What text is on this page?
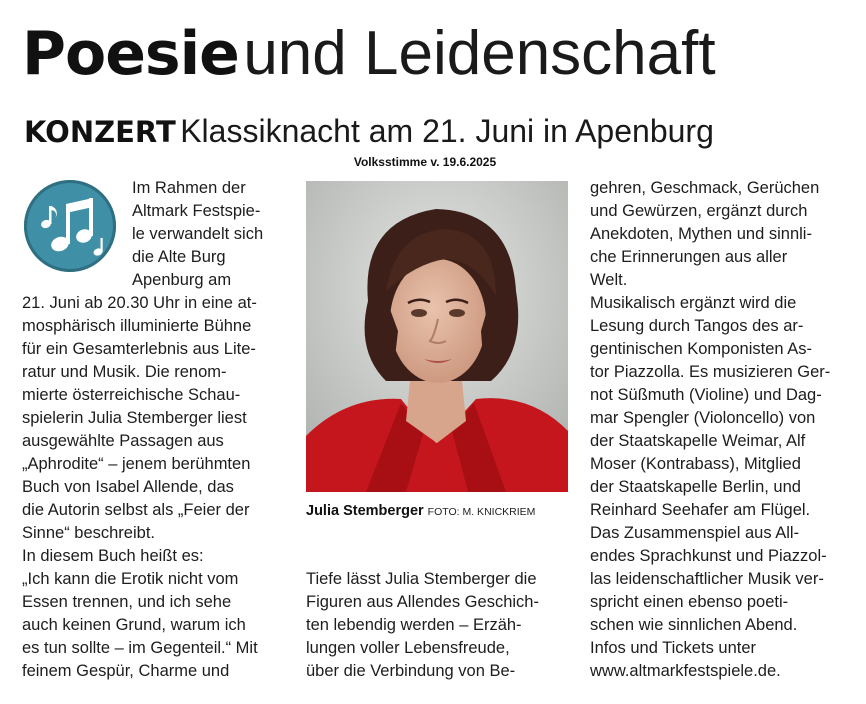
Poesie und Leidenschaft
KONZERT Klassiknacht am 21. Juni in Apenburg
Volksstimme v. 19.6.2025
Im Rahmen der
Altmark Festspie-
le verwandelt sich
die Alte Burg
Apenburg am
21. Juni ab 20.30 Uhr in eine at-
mosphärisch illuminierte Bühne
für ein Gesamterlebnis aus Lite-
ratur und Musik. Die renom-
mierte österreichische Schau-
spielerin Julia Stemberger liest
ausgewählte Passagen aus
„Aphrodite“ – jenem berühmten
Buch von Isabel Allende, das
die Autorin selbst als „Feier der
Sinne“ beschreibt.
In diesem Buch heißt es:
„Ich kann die Erotik nicht vom
Essen trennen, und ich sehe
auch keinen Grund, warum ich
es tun sollte – im Gegenteil.“ Mit
feinem Gespür, Charme und
Julia Stemberger FOTO: M. KNICKRIEM
Tiefe lässt Julia Stemberger die
Figuren aus Allendes Geschich-
ten lebendig werden – Erzäh-
lungen voller Lebensfreude,
über die Verbindung von Be-
gehren, Geschmack, Gerüchen
und Gewürzen, ergänzt durch
Anekdoten, Mythen und sinnli-
che Erinnerungen aus aller
Welt.
Musikalisch ergänzt wird die
Lesung durch Tangos des ar-
gentinischen Komponisten As-
tor Piazzolla. Es musizieren Ger-
not Süßmuth (Violine) und Dag-
mar Spengler (Violoncello) von
der Staatskapelle Weimar, Alf
Moser (Kontrabass), Mitglied
der Staatskapelle Berlin, und
Reinhard Seehafer am Flügel.
Das Zusammenspiel aus All-
endes Sprachkunst und Piazzol-
las leidenschaftlicher Musik ver-
spricht einen ebenso poeti-
schen wie sinnlichen Abend.
Infos und Tickets unter
www.altmarkfestspiele.de.
